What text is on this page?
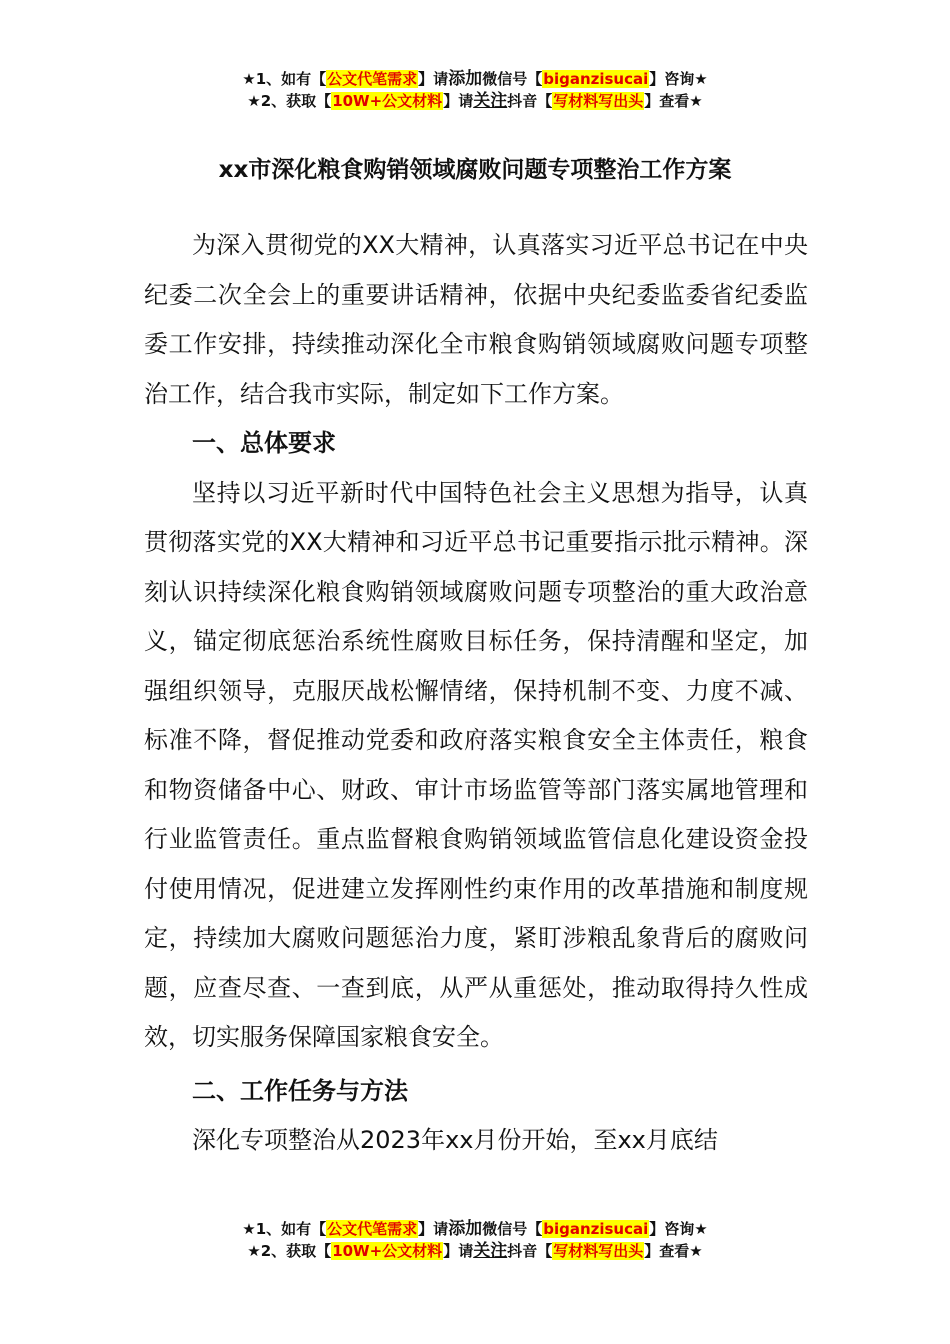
★1、如有【公文代笔需求】请添加微信号【biganzisucai】咨询★
★2、获取【10W+公文材料】请关注抖音【写材料写出头】查看★
xx市深化粮食购销领域腐败问题专项整治工作方案

为深入贯彻党的XX大精神，认真落实习近平总书记在中央纪委二次全会上的重要讲话精神，依据中央纪委监委省纪委监委工作安排，持续推动深化全市粮食购销领域腐败问题专项整治工作，结合我市实际，制定如下工作方案。

一、总体要求

坚持以习近平新时代中国特色社会主义思想为指导，认真贯彻落实党的XX大精神和习近平总书记重要指示批示精神。深刻认识持续深化粮食购销领域腐败问题专项整治的重大政治意义，锚定彻底惩治系统性腐败目标任务，保持清醒和坚定，加强组织领导，克服厌战松懈情绪，保持机制不变、力度不减、标准不降，督促推动党委和政府落实粮食安全主体责任，粮食和物资储备中心、财政、审计市场监管等部门落实属地管理和行业监管责任。重点监督粮食购销领域监管信息化建设资金投付使用情况，促进建立发挥刚性约束作用的改革措施和制度规定，持续加大腐败问题惩治力度，紧盯涉粮乱象背后的腐败问题，应查尽查、一查到底，从严从重惩处，推动取得持久性成效，切实服务保障国家粮食安全。

二、工作任务与方法

深化专项整治从2023年xx月份开始，至xx月底结

★1、如有【公文代笔需求】请添加微信号【biganzisucai】咨询★
★2、获取【10W+公文材料】请关注抖音【写材料写出头】查看★
